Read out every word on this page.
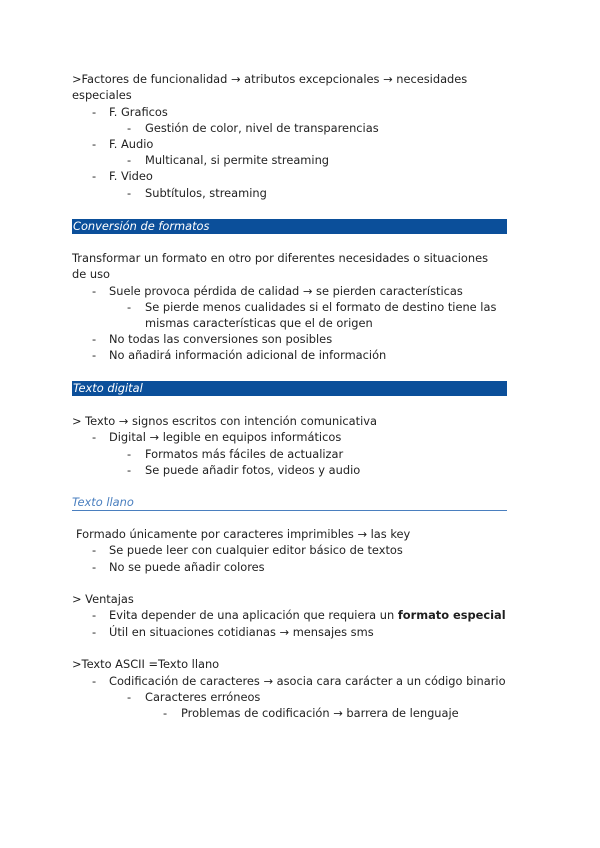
>Factores de funcionalidad → atributos excepcionales → necesidades
especiales
- F. Graficos
- Gestión de color, nivel de transparencias
- F. Audio
- Multicanal, si permite streaming
- F. Video
- Subtítulos, streaming
Conversión de formatos
Transformar un formato en otro por diferentes necesidades o situaciones
de uso
- Suele provoca pérdida de calidad → se pierden características
- Se pierde menos cualidades si el formato de destino tiene las
mismas características que el de origen
- No todas las conversiones son posibles
- No añadirá información adicional de información
Texto digital
> Texto → signos escritos con intención comunicativa
- Digital → legible en equipos informáticos
- Formatos más fáciles de actualizar
- Se puede añadir fotos, videos y audio
Texto llano
Formado únicamente por caracteres imprimibles → las key
- Se puede leer con cualquier editor básico de textos
- No se puede añadir colores
> Ventajas
- Evita depender de una aplicación que requiera un formato especial
- Útil en situaciones cotidianas → mensajes sms
>Texto ASCII =Texto llano
- Codificación de caracteres → asocia cara carácter a un código binario
- Caracteres erróneos
- Problemas de codificación → barrera de lenguaje
